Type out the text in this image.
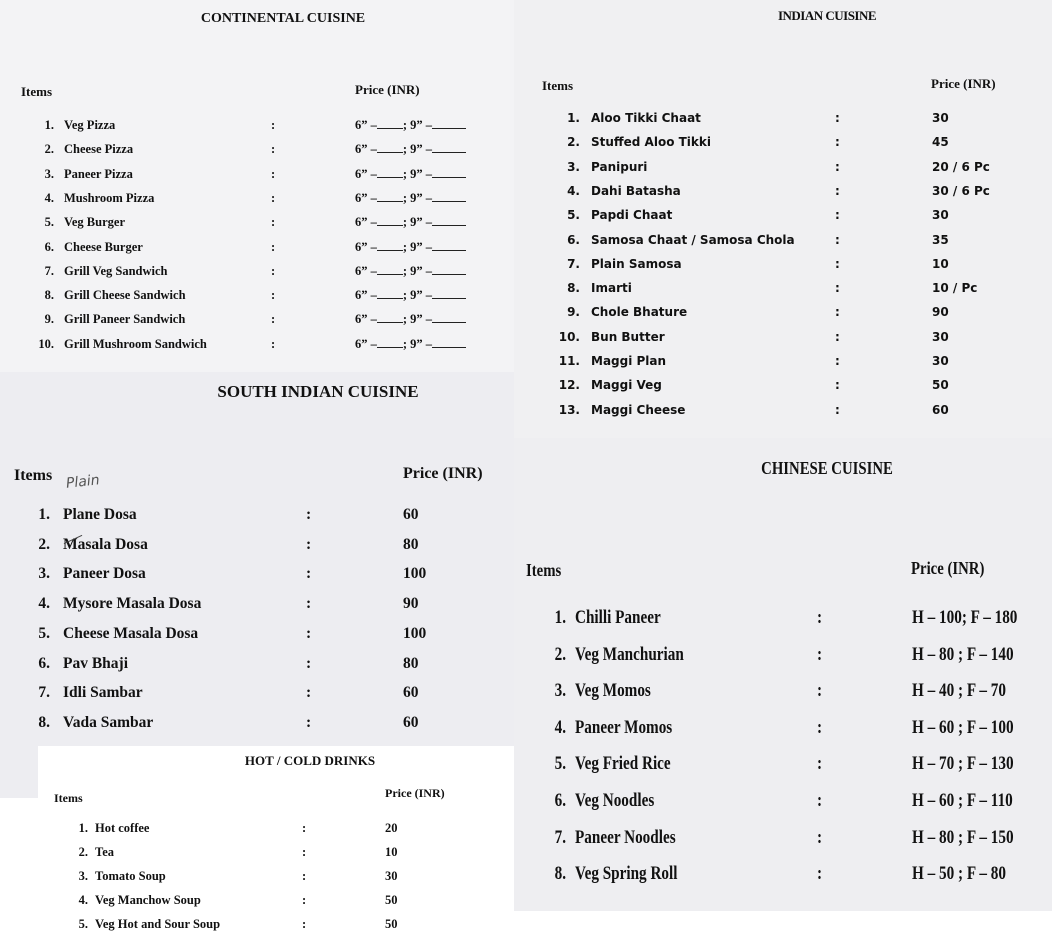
CONTINENTAL CUISINE
Items	Price (INR)
1. Veg Pizza	:	6” – ; 9” –
2. Cheese Pizza	:	6” – ; 9” –
3. Paneer Pizza	:	6” – ; 9” –
4. Mushroom Pizza	:	6” – ; 9” –
5. Veg Burger	:	6” – ; 9” –
6. Cheese Burger	:	6” – ; 9” –
7. Grill Veg Sandwich	:	6” – ; 9” –
8. Grill Cheese Sandwich	:	6” – ; 9” –
9. Grill Paneer Sandwich	:	6” – ; 9” –
10. Grill Mushroom Sandwich	:	6” – ; 9” –
INDIAN CUISINE
Items	Price (INR)
1. Aloo Tikki Chaat	:	30
2. Stuffed Aloo Tikki	:	45
3. Panipuri	:	20 / 6 Pc
4. Dahi Batasha	:	30 / 6 Pc
5. Papdi Chaat	:	30
6. Samosa Chaat / Samosa Chola	:	35
7. Plain Samosa	:	10
8. Imarti	:	10 / Pc
9. Chole Bhature	:	90
10. Bun Butter	:	30
11. Maggi Plan	:	30
12. Maggi Veg	:	50
13. Maggi Cheese	:	60
SOUTH INDIAN CUISINE
Items Plain	Price (INR)
1. Plane Dosa	:	60
2. Masala Dosa	:	80
3. Paneer Dosa	:	100
4. Mysore Masala Dosa	:	90
5. Cheese Masala Dosa	:	100
6. Pav Bhaji	:	80
7. Idli Sambar	:	60
8. Vada Sambar	:	60
CHINESE CUISINE
Items	Price (INR)
1. Chilli Paneer	:	H – 100; F – 180
2. Veg Manchurian	:	H – 80 ; F – 140
3. Veg Momos	:	H – 40 ; F – 70
4. Paneer Momos	:	H – 60 ; F – 100
5. Veg Fried Rice	:	H – 70 ; F – 130
6. Veg Noodles	:	H – 60 ; F – 110
7. Paneer Noodles	:	H – 80 ; F – 150
8. Veg Spring Roll	:	H – 50 ; F – 80
HOT / COLD DRINKS
Items	Price (INR)
1. Hot coffee	:	20
2. Tea	:	10
3. Tomato Soup	:	30
4. Veg Manchow Soup	:	50
5. Veg Hot and Sour Soup	:	50
